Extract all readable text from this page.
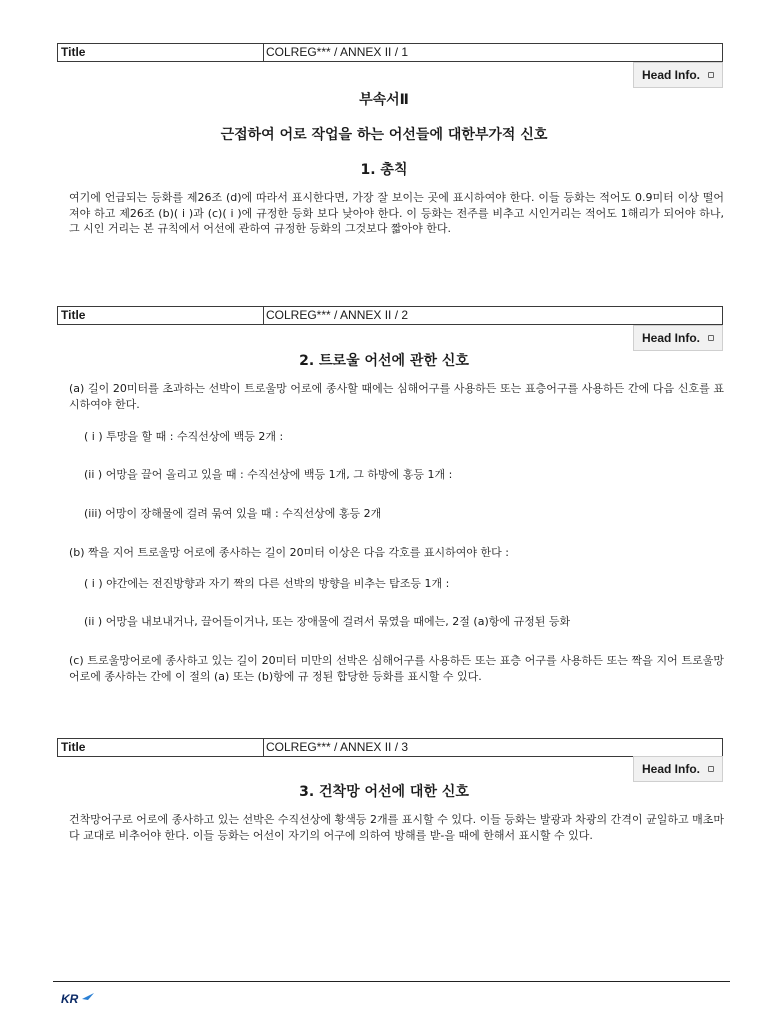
Title	COLREG*** / ANNEX II / 1
Head Info.
부속서Ⅱ
근접하여 어로 작업을 하는 어선들에 대한부가적 신호
1. 총칙
여기에 언급되는 등화를 제26조 (d)에 따라서 표시한다면, 가장 잘 보이는 곳에 표시하여야 한다. 이들 등화는 적어도 0.9미터 이상 떨어져야 하고 제26조 (b)( i )과 (c)( i )에 규정한 등화 보다 낮아야 한다. 이 등화는 전주를 비추고 시인거리는 적어도 1해리가 되어야 하나, 그 시인 거리는 본 규칙에서 어선에 관하여 규정한 등화의 그것보다 짧아야 한다.
Title	COLREG*** / ANNEX II / 2
Head Info.
2. 트로울 어선에 관한 신호
(a) 길이 20미터를 초과하는 선박이 트로울망 어로에 종사할 때에는 심해어구를 사용하든 또는 표층어구를 사용하든 간에 다음 신호를 표시하여야 한다.
( i ) 투망을 할 때 : 수직선상에 백등 2개 :
(ii ) 어망을 끌어 올리고 있을 때 : 수직선상에 백등 1개, 그 하방에 홍등 1개 :
(iii) 어망이 장해물에 걸려 묶여 있을 때 : 수직선상에 홍등 2개
(b) 짝을 지어 트로울망 어로에 종사하는 길이 20미터 이상은 다음 각호를 표시하여야 한다 :
( i ) 야간에는 전진방향과 자기 짝의 다른 선박의 방향을 비추는 탐조등 1개 :
(ii ) 어망을 내보내거나, 끌어들이거나, 또는 장애물에 걸려서 묶였을 때에는, 2절 (a)항에 규정된 등화
(c) 트로울망어로에 종사하고 있는 길이 20미터 미만의 선박은 심해어구를 사용하든 또는 표층 어구를 사용하든 또는 짝을 지어 트로울망어로에 종사하는 간에 이 절의 (a) 또는 (b)항에 규 정된 합당한 등화를 표시할 수 있다.
Title	COLREG*** / ANNEX II / 3
Head Info.
3. 건착망 어선에 대한 신호
건착망어구로 어로에 종사하고 있는 선박은 수직선상에 황색등 2개를 표시할 수 있다. 이들 등화는 발광과 차광의 간격이 균일하고 매초마다 교대로 비추어야 한다. 이들 등화는 어선이 자기의 어구에 의하여 방해를 받-을 때에 한해서 표시할 수 있다.
KR
